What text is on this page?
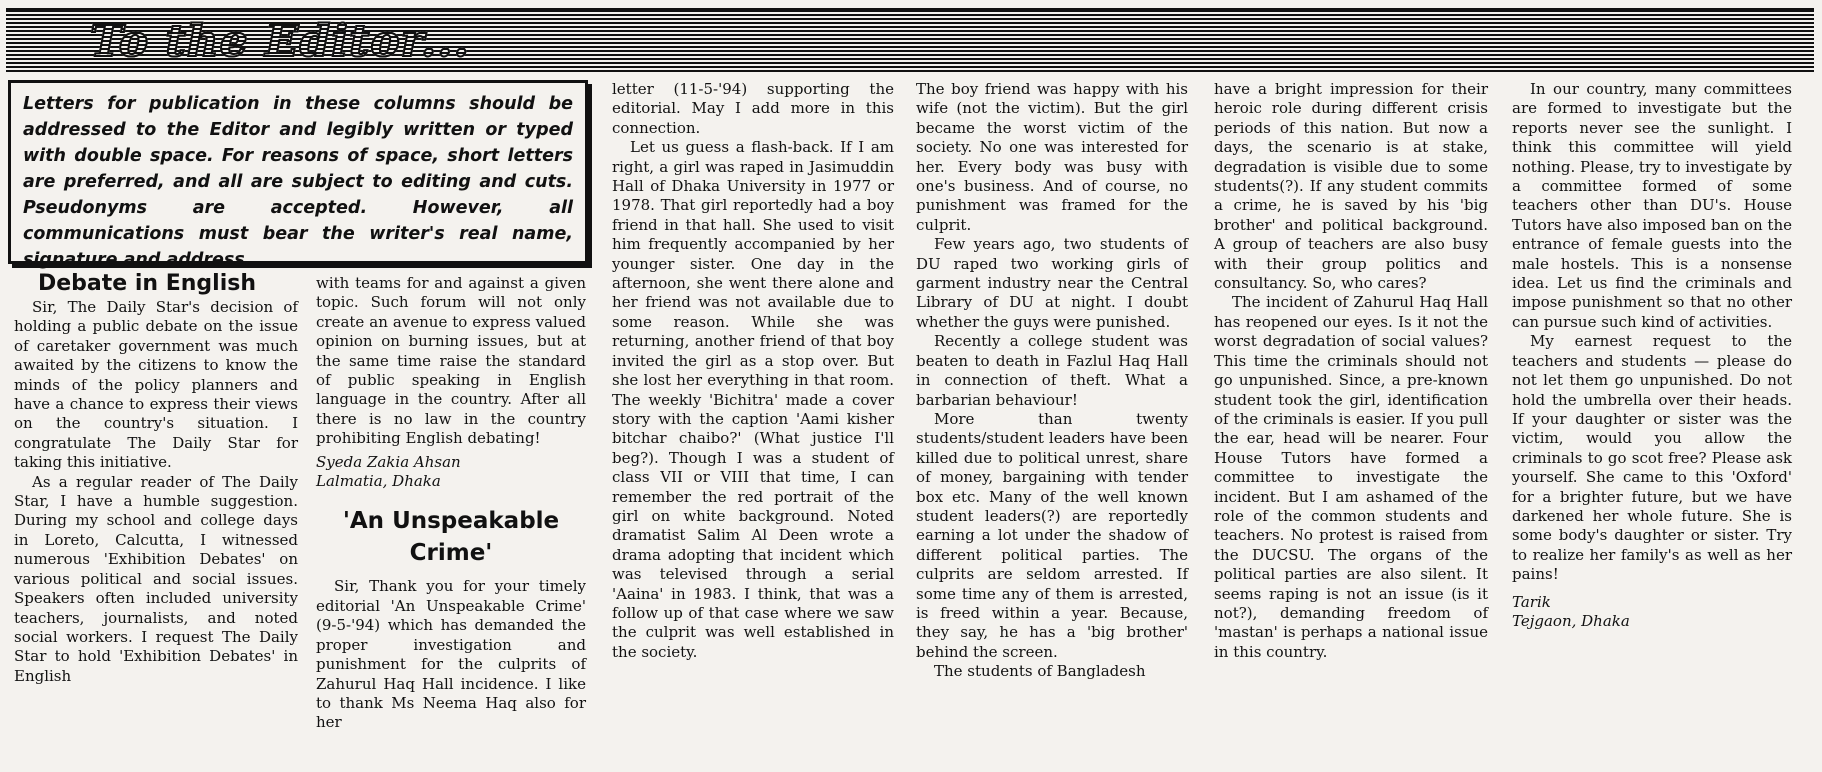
To the Editor...
Letters for publication in these columns should be addressed to the Editor and legibly written or typed with double space. For reasons of space, short letters are preferred, and all are subject to editing and cuts. Pseudonyms are accepted. However, all communications must bear the writer's real name, signature and address.
Debate in English

Sir, The Daily Star's decision of holding a public debate on the issue of caretaker government was much awaited by the citizens to know the minds of the policy planners and have a chance to express their views on the country's situation. I congratulate The Daily Star for taking this initiative.

As a regular reader of The Daily Star, I have a humble suggestion. During my school and college days in Loreto, Calcutta, I witnessed numerous 'Exhibition Debates' on various political and social issues. Speakers often included university teachers, journalists, and noted social workers. I request The Daily Star to hold 'Exhibition Debates' in English

with teams for and against a given topic. Such forum will not only create an avenue to express valued opinion on burning issues, but at the same time raise the standard of public speaking in English language in the country. After all there is no law in the country prohibiting English debating!

Syeda Zakia Ahsan

Lalmatia, Dhaka

'An Unspeakable Crime'

Sir, Thank you for your timely editorial 'An Unspeakable Crime' (9-5-'94) which has demanded the proper investigation and punishment for the culprits of Zahurul Haq Hall incidence. I like to thank Ms Neema Haq also for her

letter (11-5-'94) supporting the editorial. May I add more in this connection.

Let us guess a flash-back. If I am right, a girl was raped in Jasimuddin Hall of Dhaka University in 1977 or 1978. That girl reportedly had a boy friend in that hall. She used to visit him frequently accompanied by her younger sister. One day in the afternoon, she went there alone and her friend was not available due to some reason. While she was returning, another friend of that boy invited the girl as a stop over. But she lost her everything in that room. The weekly 'Bichitra' made a cover story with the caption 'Aami kisher bitchar chaibo?' (What justice I'll beg?). Though I was a student of class VII or VIII that time, I can remember the red portrait of the girl on white background. Noted dramatist Salim Al Deen wrote a drama adopting that incident which was televised through a serial 'Aaina' in 1983. I think, that was a follow up of that case where we saw the culprit was well established in the society.

The boy friend was happy with his wife (not the victim). But the girl became the worst victim of the society. No one was interested for her. Every body was busy with one's business. And of course, no punishment was framed for the culprit.

Few years ago, two students of DU raped two working girls of garment industry near the Central Library of DU at night. I doubt whether the guys were punished.

Recently a college student was beaten to death in Fazlul Haq Hall in connection of theft. What a barbarian behaviour!

More than twenty students/student leaders have been killed due to political unrest, share of money, bargaining with tender box etc. Many of the well known student leaders(?) are reportedly earning a lot under the shadow of different political parties. The culprits are seldom arrested. If some time any of them is arrested, is freed within a year. Because, they say, he has a 'big brother' behind the screen.

The students of Bangladesh

have a bright impression for their heroic role during different crisis periods of this nation. But now a days, the scenario is at stake, degradation is visible due to some students(?). If any student commits a crime, he is saved by his 'big brother' and political background. A group of teachers are also busy with their group politics and consultancy. So, who cares?

The incident of Zahurul Haq Hall has reopened our eyes. Is it not the worst degradation of social values? This time the criminals should not go unpunished. Since, a pre-known student took the girl, identification of the criminals is easier. If you pull the ear, head will be nearer. Four House Tutors have formed a committee to investigate the incident. But I am ashamed of the role of the common students and teachers. No protest is raised from the DUCSU. The organs of the political parties are also silent. It seems raping is not an issue (is it not?), demanding freedom of 'mastan' is perhaps a national issue in this country.

In our country, many committees are formed to investigate but the reports never see the sunlight. I think this committee will yield nothing. Please, try to investigate by a committee formed of some teachers other than DU's. House Tutors have also imposed ban on the entrance of female guests into the male hostels. This is a nonsense idea. Let us find the criminals and impose punishment so that no other can pursue such kind of activities.

My earnest request to the teachers and students — please do not let them go unpunished. Do not hold the umbrella over their heads. If your daughter or sister was the victim, would you allow the criminals to go scot free? Please ask yourself. She came to this 'Oxford' for a brighter future, but we have darkened her whole future. She is some body's daughter or sister. Try to realize her family's as well as her pains!

Tarik

Tejgaon, Dhaka
